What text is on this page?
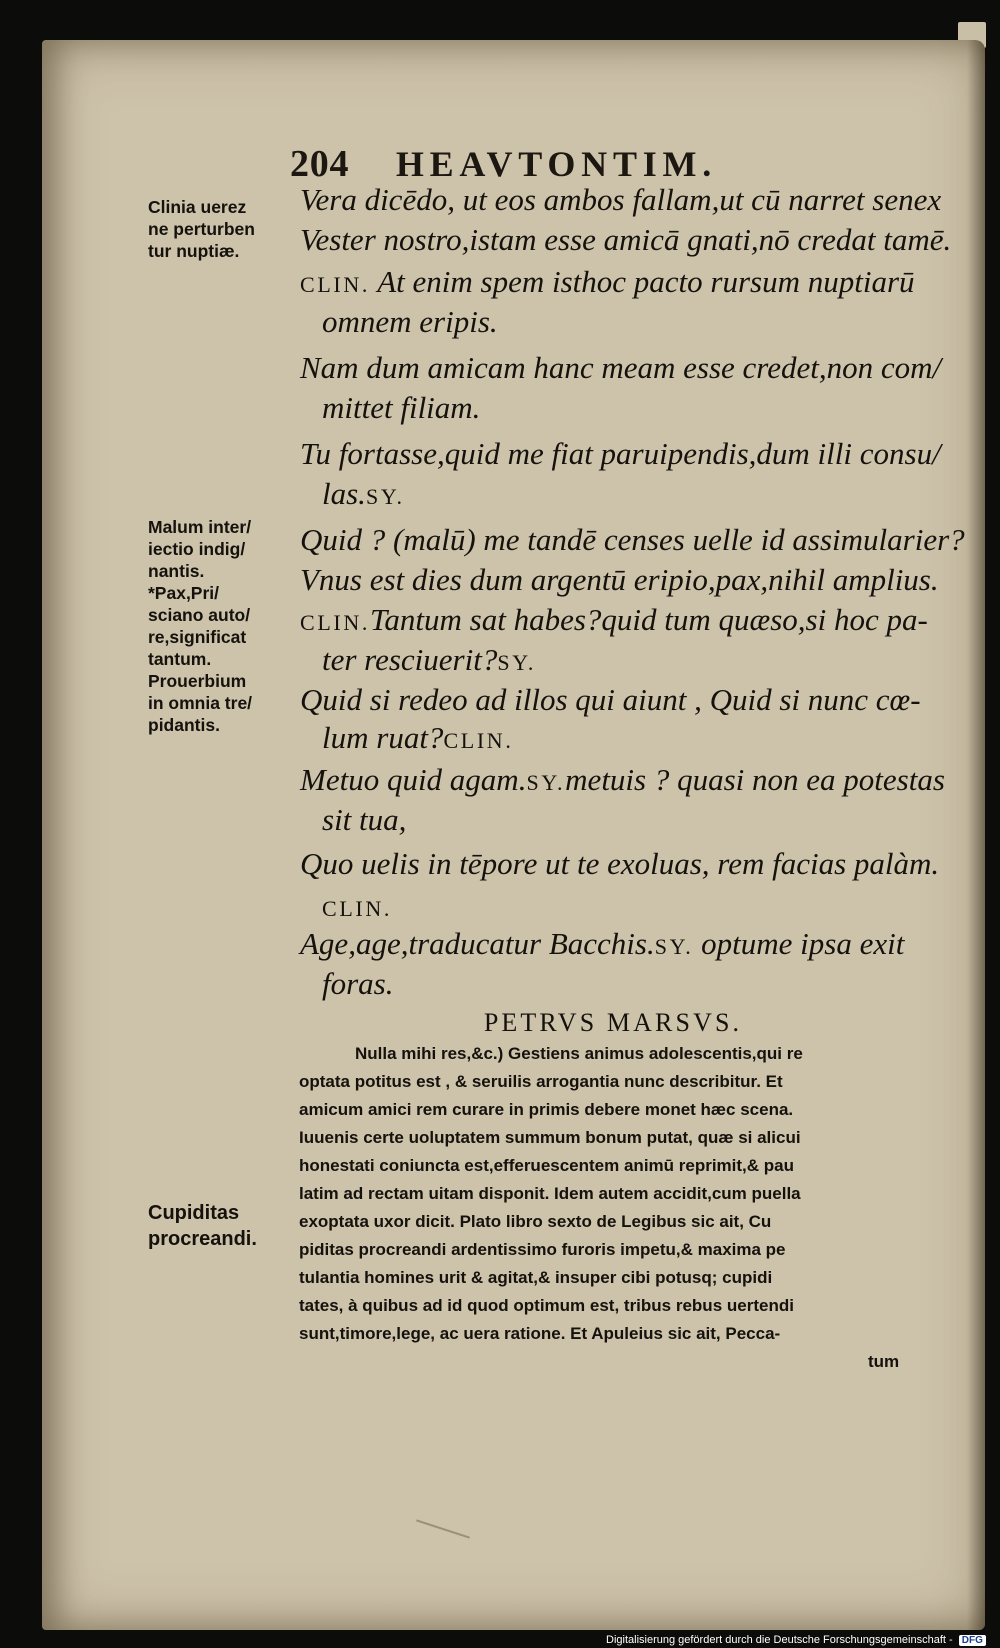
204 HEAVTONTIM.
Vera dicēdo, ut eos ambos fallam,ut cū narret senex
Vester nostro,istam esse amicā gnati,nō credat tamē.
CLIN. At enim spem isthoc pacto rursum nuptiarū
omnem eripis.
Nam dum amicam hanc meam esse credet,non com/
mittet filiam.
Tu fortasse,quid me fiat paruipendis,dum illi consu/
las.SY.
Quid ? (malū) me tandē censes uelle id assimularier?
Vnus est dies dum argentū eripio,pax,nihil amplius.
CLIN.Tantum sat habes?quid tum quæso,si hoc pa-
ter resciuerit?SY.
Quid si redeo ad illos qui aiunt , Quid si nunc cœ-
lum ruat?CLIN.
Metuo quid agam.SY.metuis ? quasi non ea potestas
sit tua,
Quo uelis in tēpore ut te exoluas, rem facias palàm.
CLIN.
Age,age,traducatur Bacchis.SY. optume ipsa exit
foras.
Clinia uerez
ne perturben
tur nuptiæ.
Malum inter/
iectio indig/
nantis.
*Pax,Pri/
sciano auto/
re,significat
tantum.
Prouerbium
in omnia tre/
pidantis.
Cupiditas
procreandi.
PETRVS MARSVS.
Nulla mihi res,&c.) Gestiens animus adolescentis,qui re
optata potitus est , & seruilis arrogantia nunc describitur. Et
amicum amici rem curare in primis debere monet hæc scena.
Iuuenis certe uoluptatem summum bonum putat, quæ si alicui
honestati coniuncta est,efferuescentem animū reprimit,& pau
latim ad rectam uitam disponit. Idem autem accidit,cum puella
exoptata uxor dicit. Plato libro sexto de Legibus sic ait, Cu
piditas procreandi ardentissimo furoris impetu,& maxima pe
tulantia homines urit & agitat,& insuper cibi potusq; cupidi
tates, à quibus ad id quod optimum est, tribus rebus uertendi
sunt,timore,lege, ac uera ratione. Et Apuleius sic ait, Pecca-
tum
Digitalisierung gefördert durch die Deutsche Forschungsgemeinschaft - DFG
